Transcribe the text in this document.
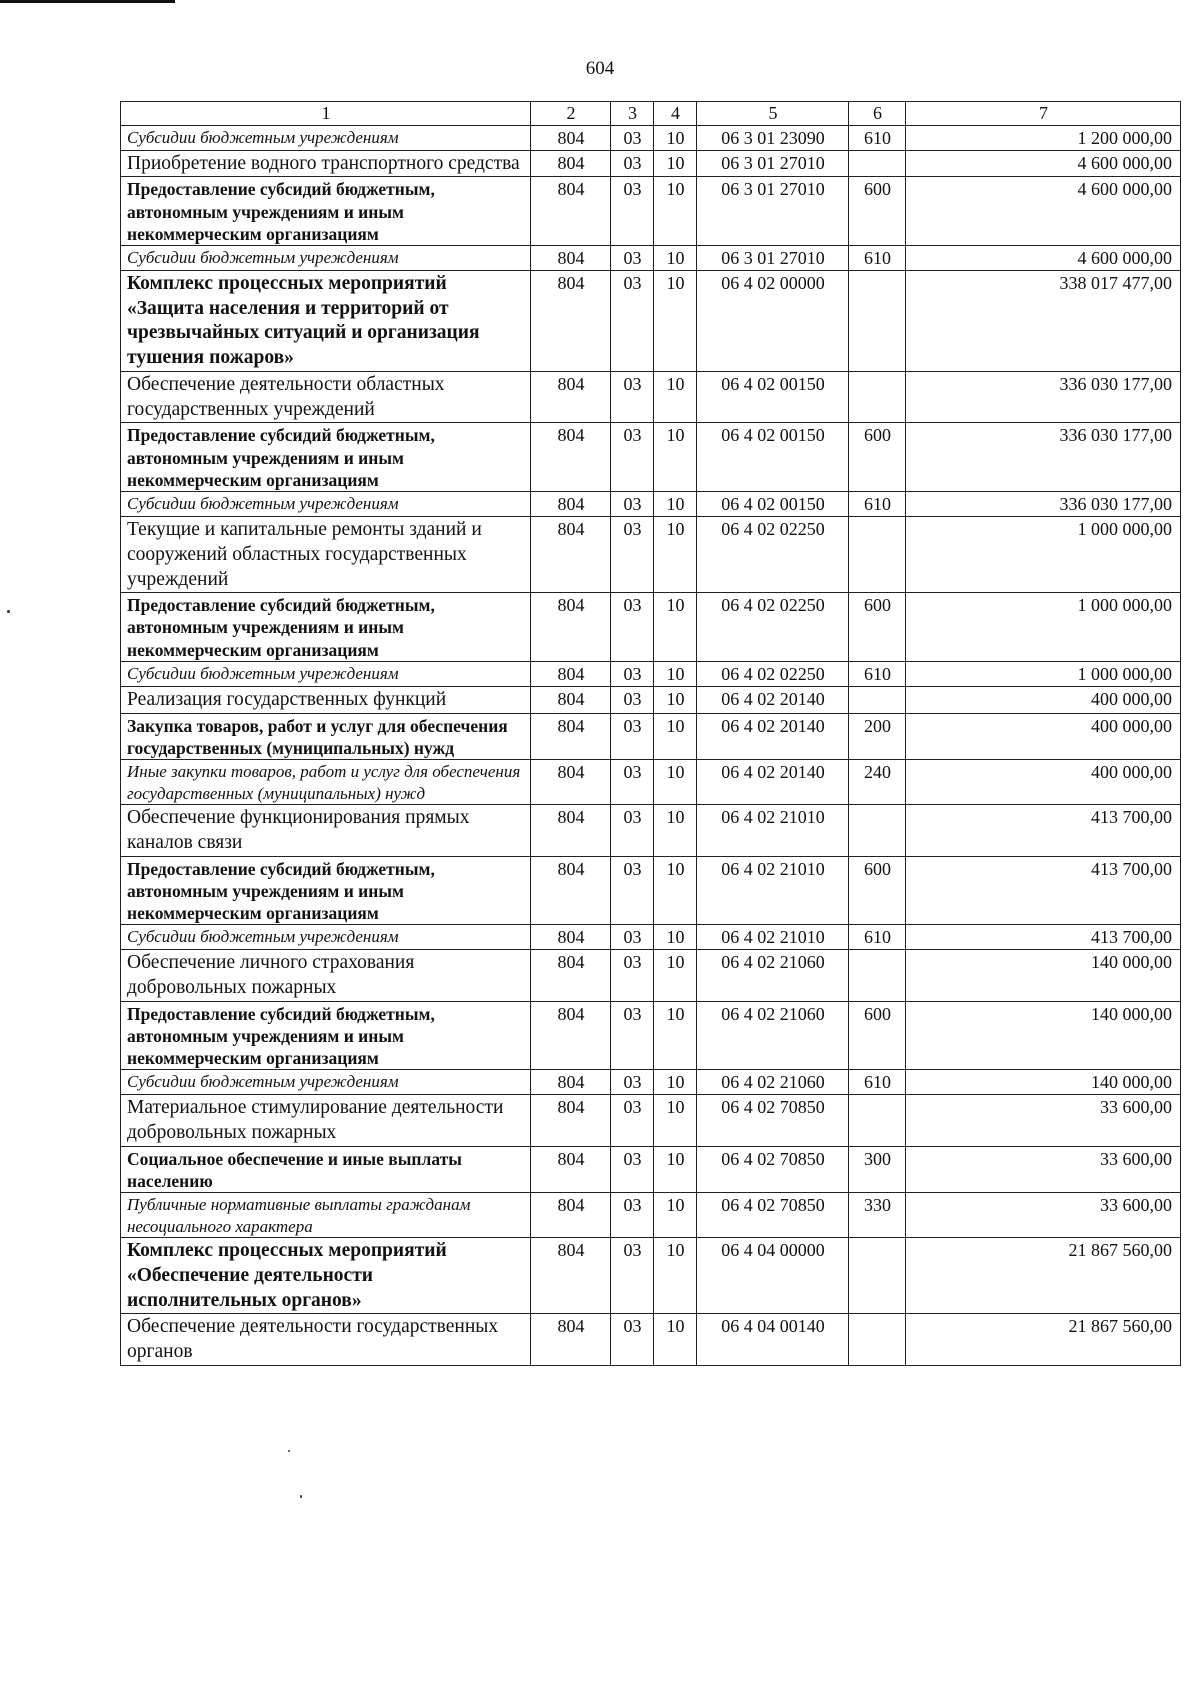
604
1	2	3	4	5	6	7
Субсидии бюджетным учреждениям	804	03	10	06 3 01 23090	610	1 200 000,00
Приобретение водного транспортного средства	804	03	10	06 3 01 27010		4 600 000,00
Предоставление субсидий бюджетным, автономным учреждениям и иным некоммерческим организациям	804	03	10	06 3 01 27010	600	4 600 000,00
Субсидии бюджетным учреждениям	804	03	10	06 3 01 27010	610	4 600 000,00
Комплекс процессных мероприятий «Защита населения и территорий от чрезвычайных ситуаций и организация тушения пожаров»	804	03	10	06 4 02 00000		338 017 477,00
Обеспечение деятельности областных государственных учреждений	804	03	10	06 4 02 00150		336 030 177,00
Предоставление субсидий бюджетным, автономным учреждениям и иным некоммерческим организациям	804	03	10	06 4 02 00150	600	336 030 177,00
Субсидии бюджетным учреждениям	804	03	10	06 4 02 00150	610	336 030 177,00
Текущие и капитальные ремонты зданий и сооружений областных государственных учреждений	804	03	10	06 4 02 02250		1 000 000,00
Предоставление субсидий бюджетным, автономным учреждениям и иным некоммерческим организациям	804	03	10	06 4 02 02250	600	1 000 000,00
Субсидии бюджетным учреждениям	804	03	10	06 4 02 02250	610	1 000 000,00
Реализация государственных функций	804	03	10	06 4 02 20140		400 000,00
Закупка товаров, работ и услуг для обеспечения государственных (муниципальных) нужд	804	03	10	06 4 02 20140	200	400 000,00
Иные закупки товаров, работ и услуг для обеспечения государственных (муниципальных) нужд	804	03	10	06 4 02 20140	240	400 000,00
Обеспечение функционирования прямых каналов связи	804	03	10	06 4 02 21010		413 700,00
Предоставление субсидий бюджетным, автономным учреждениям и иным некоммерческим организациям	804	03	10	06 4 02 21010	600	413 700,00
Субсидии бюджетным учреждениям	804	03	10	06 4 02 21010	610	413 700,00
Обеспечение личного страхования добровольных пожарных	804	03	10	06 4 02 21060		140 000,00
Предоставление субсидий бюджетным, автономным учреждениям и иным некоммерческим организациям	804	03	10	06 4 02 21060	600	140 000,00
Субсидии бюджетным учреждениям	804	03	10	06 4 02 21060	610	140 000,00
Материальное стимулирование деятельности добровольных пожарных	804	03	10	06 4 02 70850		33 600,00
Социальное обеспечение и иные выплаты населению	804	03	10	06 4 02 70850	300	33 600,00
Публичные нормативные выплаты гражданам несоциального характера	804	03	10	06 4 02 70850	330	33 600,00
Комплекс процессных мероприятий «Обеспечение деятельности исполнительных органов»	804	03	10	06 4 04 00000		21 867 560,00
Обеспечение деятельности государственных органов	804	03	10	06 4 04 00140		21 867 560,00
